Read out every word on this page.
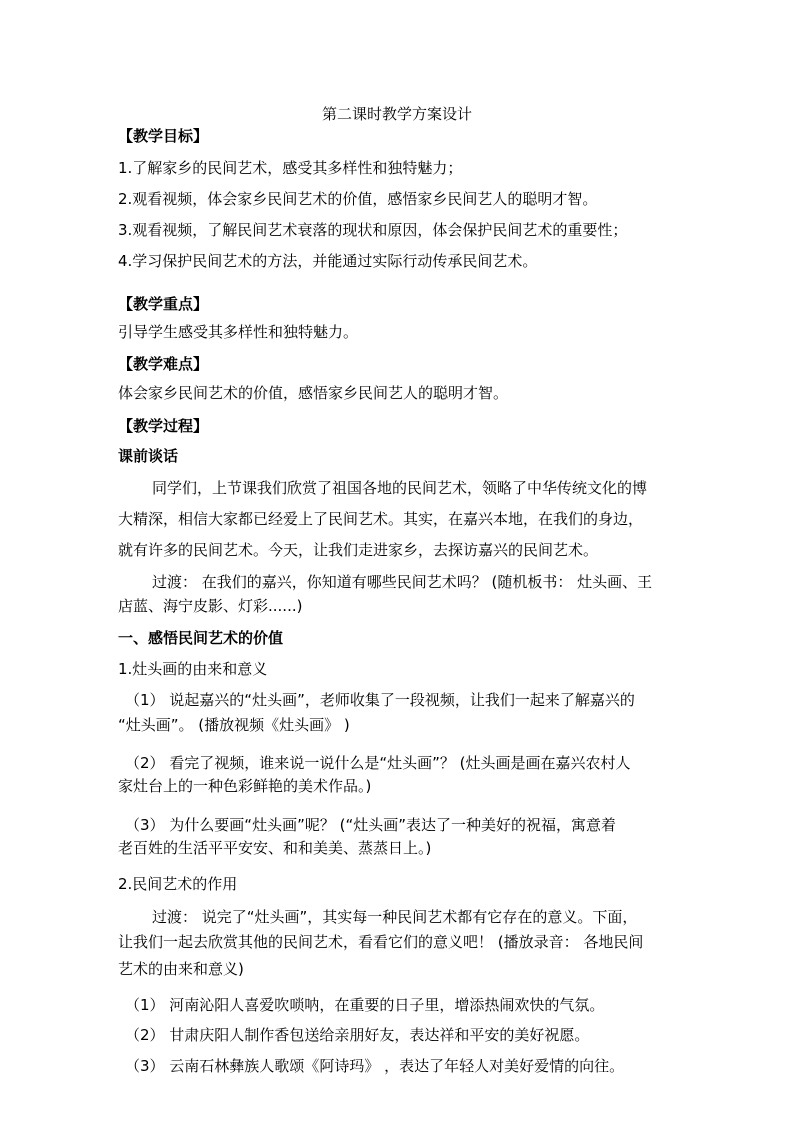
第二课时教学方案设计
【教学目标】
1.了解家乡的民间艺术，感受其多样性和独特魅力；
2.观看视频，体会家乡民间艺术的价值，感悟家乡民间艺人的聪明才智。
3.观看视频，了解民间艺术衰落的现状和原因，体会保护民间艺术的重要性；
4.学习保护民间艺术的方法，并能通过实际行动传承民间艺术。
【教学重点】
引导学生感受其多样性和独特魅力。
【教学难点】
体会家乡民间艺术的价值，感悟家乡民间艺人的聪明才智。
【教学过程】
课前谈话
同学们，上节课我们欣赏了祖国各地的民间艺术，领略了中华传统文化的博
大精深，相信大家都已经爱上了民间艺术。其实，在嘉兴本地，在我们的身边，
就有许多的民间艺术。今天，让我们走进家乡，去探访嘉兴的民间艺术。
过渡： 在我们的嘉兴，你知道有哪些民间艺术吗？ (随机板书： 灶头画、王
店蓝、海宁皮影、灯彩......)
一、感悟民间艺术的价值
1.灶头画的由来和意义
（1） 说起嘉兴的“灶头画”，老师收集了一段视频，让我们一起来了解嘉兴的
“灶头画”。 (播放视频《灶头画》 )
（2） 看完了视频，谁来说一说什么是“灶头画”？ (灶头画是画在嘉兴农村人
家灶台上的一种色彩鲜艳的美术作品。)
（3） 为什么要画“灶头画”呢？ (“灶头画”表达了一种美好的祝福，寓意着
老百姓的生活平平安安、和和美美、蒸蒸日上。)
2.民间艺术的作用
过渡： 说完了“灶头画”，其实每一种民间艺术都有它存在的意义。下面，
让我们一起去欣赏其他的民间艺术，看看它们的意义吧！ (播放录音： 各地民间
艺术的由来和意义)
（1） 河南沁阳人喜爱吹唢呐，在重要的日子里，增添热闹欢快的气氛。
（2） 甘肃庆阳人制作香包送给亲朋好友，表达祥和平安的美好祝愿。
（3） 云南石林彝族人歌颂《阿诗玛》 ，表达了年轻人对美好爱情的向往。
